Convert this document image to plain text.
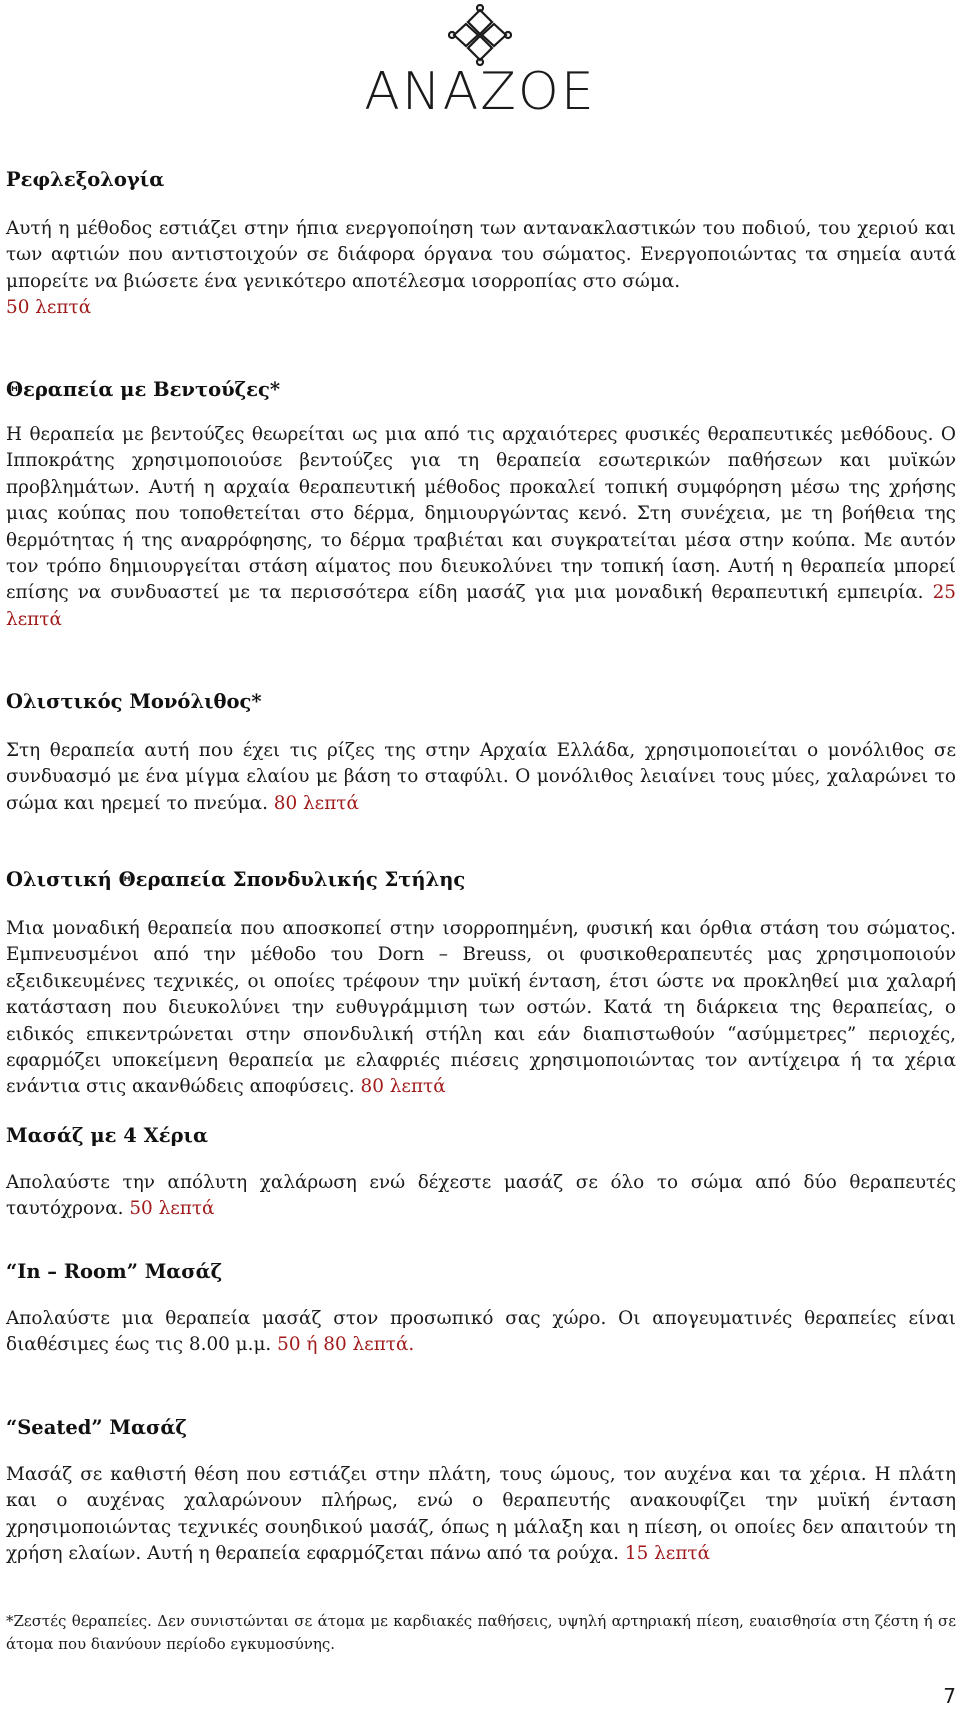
ANAZOE
Ρεφλεξολογία

Αυτή η μέθοδος εστιάζει στην ήπια ενεργοποίηση των αντανακλαστικών του ποδιού, του χεριού και των αφτιών που αντιστοιχούν σε διάφορα όργανα του σώματος. Ενεργοποιώντας τα σημεία αυτά μπορείτε να βιώσετε ένα γενικότερο αποτέλεσμα ισορροπίας στο σώμα.
50 λεπτά

Θεραπεία με Βεντούζες*

Η θεραπεία με βεντούζες θεωρείται ως μια από τις αρχαιότερες φυσικές θεραπευτικές μεθόδους. Ο Ιπποκράτης χρησιμοποιούσε βεντούζες για τη θεραπεία εσωτερικών παθήσεων και μυϊκών προβλημάτων. Αυτή η αρχαία θεραπευτική μέθοδος προκαλεί τοπική συμφόρηση μέσω της χρήσης μιας κούπας που τοποθετείται στο δέρμα, δημιουργώντας κενό. Στη συνέχεια, με τη βοήθεια της θερμότητας ή της αναρρόφησης, το δέρμα τραβιέται και συγκρατείται μέσα στην κούπα. Με αυτόν τον τρόπο δημιουργείται στάση αίματος που διευκολύνει την τοπική ίαση. Αυτή η θεραπεία μπορεί επίσης να συνδυαστεί με τα περισσότερα είδη μασάζ για μια μοναδική θεραπευτική εμπειρία. 25 λεπτά

Ολιστικός Μονόλιθος*

Στη θεραπεία αυτή που έχει τις ρίζες της στην Αρχαία Ελλάδα, χρησιμοποιείται ο μονόλιθος σε συνδυασμό με ένα μίγμα ελαίου με βάση το σταφύλι. Ο μονόλιθος λειαίνει τους μύες, χαλαρώνει το σώμα και ηρεμεί το πνεύμα. 80 λεπτά

Ολιστική Θεραπεία Σπονδυλικής Στήλης

Μια μοναδική θεραπεία που αποσκοπεί στην ισορροπημένη, φυσική και όρθια στάση του σώματος. Εμπνευσμένοι από την μέθοδο του Dorn – Breuss, οι φυσικοθεραπευτές μας χρησιμοποιούν εξειδικευμένες τεχνικές, οι οποίες τρέφουν την μυϊκή ένταση, έτσι ώστε να προκληθεί μια χαλαρή κατάσταση που διευκολύνει την ευθυγράμμιση των οστών. Κατά τη διάρκεια της θεραπείας, ο ειδικός επικεντρώνεται στην σπονδυλική στήλη και εάν διαπιστωθούν “ασύμμετρες” περιοχές, εφαρμόζει υποκείμενη θεραπεία με ελαφριές πιέσεις χρησιμοποιώντας τον αντίχειρα ή τα χέρια ενάντια στις ακανθώδεις αποφύσεις. 80 λεπτά

Μασάζ με 4 Χέρια

Απολαύστε την απόλυτη χαλάρωση ενώ δέχεστε μασάζ σε όλο το σώμα από δύο θεραπευτές ταυτόχρονα. 50 λεπτά

“In – Room” Μασάζ

Απολαύστε μια θεραπεία μασάζ στον προσωπικό σας χώρο. Οι απογευματινές θεραπείες είναι διαθέσιμες έως τις 8.00 μ.μ. 50 ή 80 λεπτά.

“Seated” Μασάζ

Μασάζ σε καθιστή θέση που εστιάζει στην πλάτη, τους ώμους, τον αυχένα και τα χέρια. Η πλάτη και ο αυχένας χαλαρώνουν πλήρως, ενώ ο θεραπευτής ανακουφίζει την μυϊκή ένταση χρησιμοποιώντας τεχνικές σουηδικού μασάζ, όπως η μάλαξη και η πίεση, οι οποίες δεν απαιτούν τη χρήση ελαίων. Αυτή η θεραπεία εφαρμόζεται πάνω από τα ρούχα. 15 λεπτά

*Ζεστές θεραπείες. Δεν συνιστώνται σε άτομα με καρδιακές παθήσεις, υψηλή αρτηριακή πίεση, ευαισθησία στη ζέστη ή σε άτομα που διανύουν περίοδο εγκυμοσύνης.
7
